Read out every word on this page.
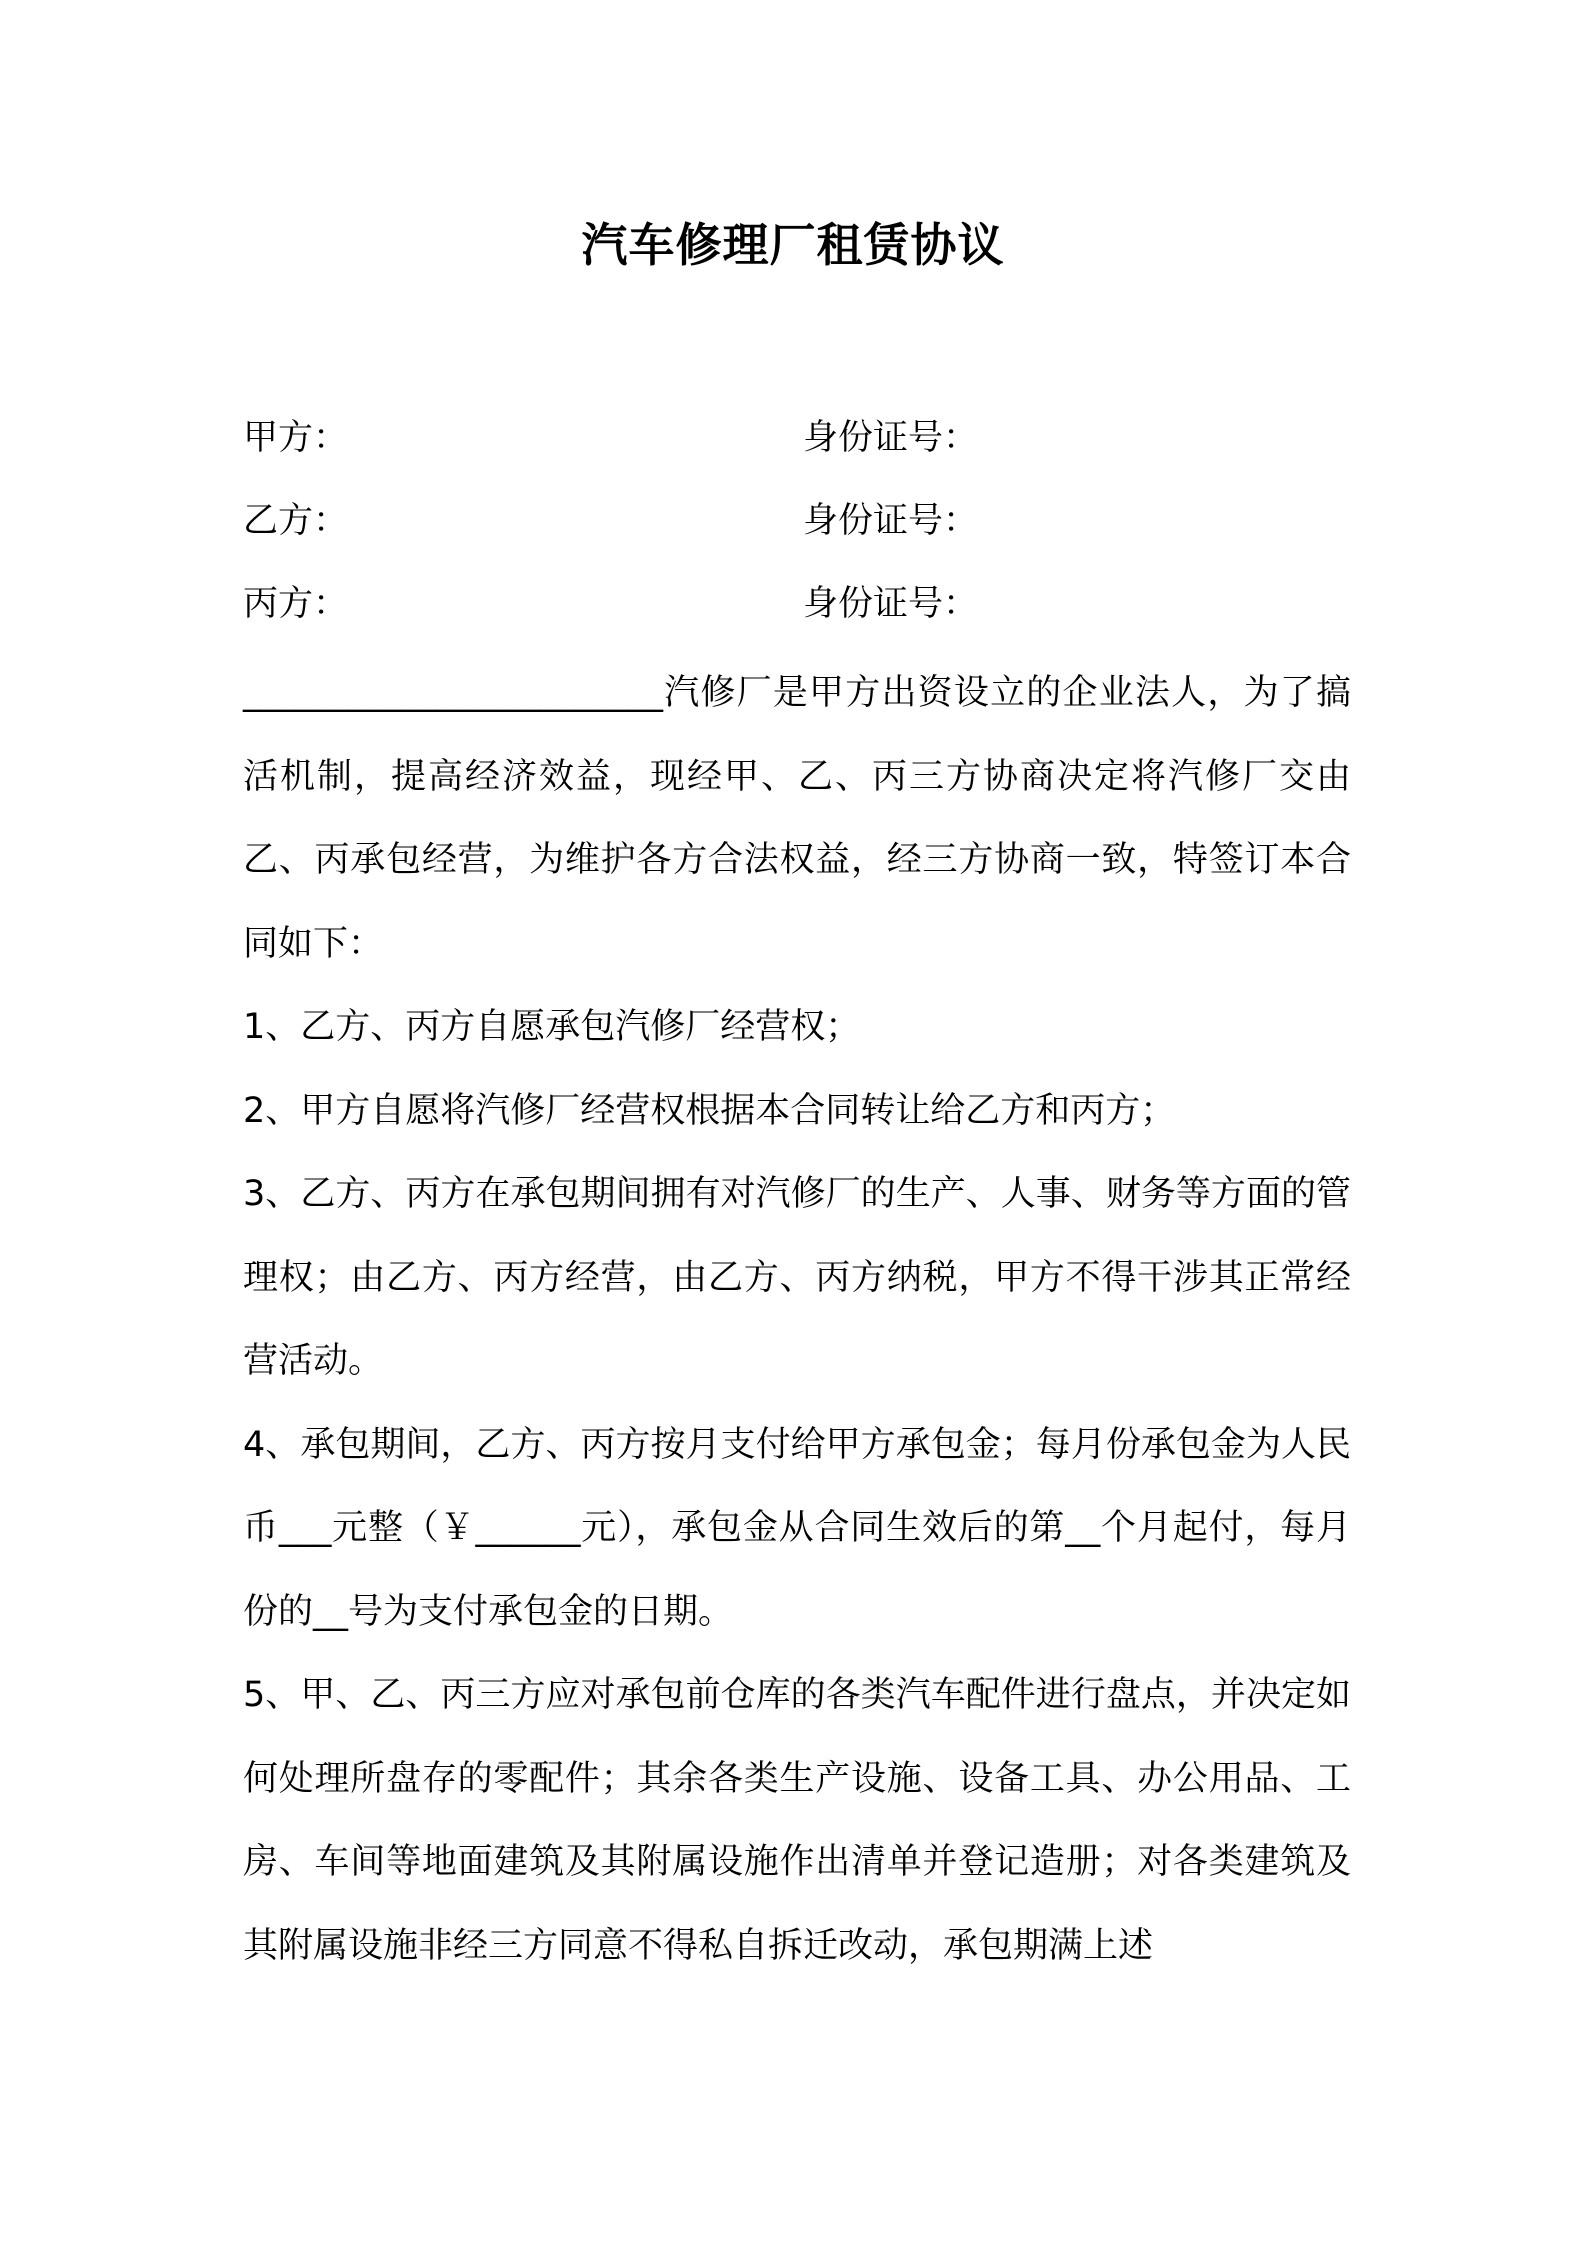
汽车修理厂租赁协议
甲方：	身份证号：
乙方：	身份证号：
丙方：	身份证号：

________________________汽修厂是甲方出资设立的企业法人，为了搞活机制，提高经济效益，现经甲、乙、丙三方协商决定将汽修厂交由乙、丙承包经营，为维护各方合法权益，经三方协商一致，特签订本合同如下：

1、乙方、丙方自愿承包汽修厂经营权；

2、甲方自愿将汽修厂经营权根据本合同转让给乙方和丙方；

3、乙方、丙方在承包期间拥有对汽修厂的生产、人事、财务等方面的管理权；由乙方、丙方经营，由乙方、丙方纳税，甲方不得干涉其正常经营活动。

4、承包期间，乙方、丙方按月支付给甲方承包金；每月份承包金为人民币___元整（￥______元），承包金从合同生效后的第__个月起付，每月份的__号为支付承包金的日期。

5、甲、乙、丙三方应对承包前仓库的各类汽车配件进行盘点，并决定如何处理所盘存的零配件；其余各类生产设施、设备工具、办公用品、工房、车间等地面建筑及其附属设施作出清单并登记造册；对各类建筑及其附属设施非经三方同意不得私自拆迁改动，承包期满上述
